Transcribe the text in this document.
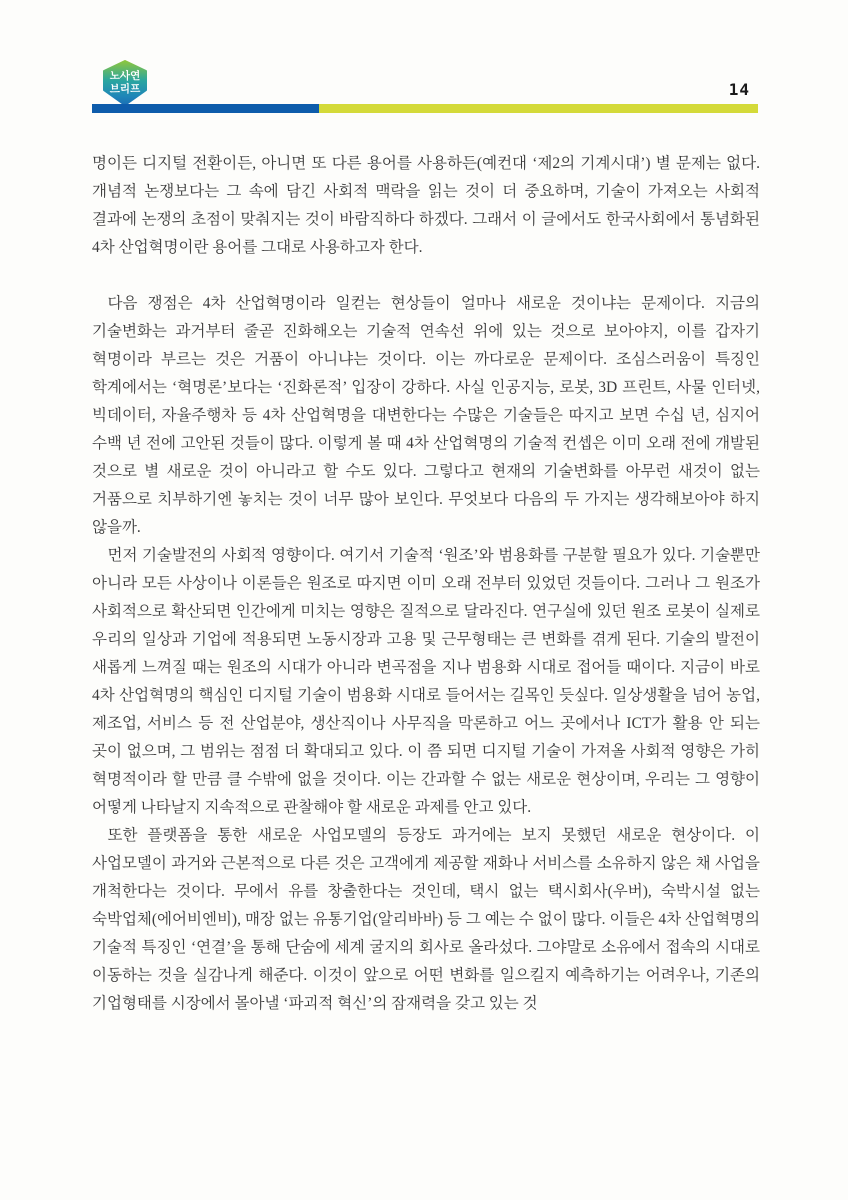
노사연
브리프	14

명이든 디지털 전환이든, 아니면 또 다른 용어를 사용하든(예컨대 ‘제2의 기계시대’) 별 문제는 없다. 개념적 논쟁보다는 그 속에 담긴 사회적 맥락을 읽는 것이 더 중요하며, 기술이 가져오는 사회적 결과에 논쟁의 초점이 맞춰지는 것이 바람직하다 하겠다. 그래서 이 글에서도 한국사회에서 통념화된 4차 산업혁명이란 용어를 그대로 사용하고자 한다.

다음 쟁점은 4차 산업혁명이라 일컫는 현상들이 얼마나 새로운 것이냐는 문제이다. 지금의 기술변화는 과거부터 줄곧 진화해오는 기술적 연속선 위에 있는 것으로 보아야지, 이를 갑자기 혁명이라 부르는 것은 거품이 아니냐는 것이다. 이는 까다로운 문제이다. 조심스러움이 특징인 학계에서는 ‘혁명론’보다는 ‘진화론적’ 입장이 강하다. 사실 인공지능, 로봇, 3D 프린트, 사물 인터넷, 빅데이터, 자율주행차 등 4차 산업혁명을 대변한다는 수많은 기술들은 따지고 보면 수십 년, 심지어 수백 년 전에 고안된 것들이 많다. 이렇게 볼 때 4차 산업혁명의 기술적 컨셉은 이미 오래 전에 개발된 것으로 별 새로운 것이 아니라고 할 수도 있다. 그렇다고 현재의 기술변화를 아무런 새것이 없는 거품으로 치부하기엔 놓치는 것이 너무 많아 보인다. 무엇보다 다음의 두 가지는 생각해보아야 하지 않을까.

먼저 기술발전의 사회적 영향이다. 여기서 기술적 ‘원조’와 범용화를 구분할 필요가 있다. 기술뿐만 아니라 모든 사상이나 이론들은 원조로 따지면 이미 오래 전부터 있었던 것들이다. 그러나 그 원조가 사회적으로 확산되면 인간에게 미치는 영향은 질적으로 달라진다. 연구실에 있던 원조 로봇이 실제로 우리의 일상과 기업에 적용되면 노동시장과 고용 및 근무형태는 큰 변화를 겪게 된다. 기술의 발전이 새롭게 느껴질 때는 원조의 시대가 아니라 변곡점을 지나 범용화 시대로 접어들 때이다. 지금이 바로 4차 산업혁명의 핵심인 디지털 기술이 범용화 시대로 들어서는 길목인 듯싶다. 일상생활을 넘어 농업, 제조업, 서비스 등 전 산업분야, 생산직이나 사무직을 막론하고 어느 곳에서나 ICT가 활용 안 되는 곳이 없으며, 그 범위는 점점 더 확대되고 있다. 이 쯤 되면 디지털 기술이 가져올 사회적 영향은 가히 혁명적이라 할 만큼 클 수밖에 없을 것이다. 이는 간과할 수 없는 새로운 현상이며, 우리는 그 영향이 어떻게 나타날지 지속적으로 관찰해야 할 새로운 과제를 안고 있다.

또한 플랫폼을 통한 새로운 사업모델의 등장도 과거에는 보지 못했던 새로운 현상이다. 이 사업모델이 과거와 근본적으로 다른 것은 고객에게 제공할 재화나 서비스를 소유하지 않은 채 사업을 개척한다는 것이다. 무에서 유를 창출한다는 것인데, 택시 없는 택시회사(우버), 숙박시설 없는 숙박업체(에어비엔비), 매장 없는 유통기업(알리바바) 등 그 예는 수 없이 많다. 이들은 4차 산업혁명의 기술적 특징인 ‘연결’을 통해 단숨에 세계 굴지의 회사로 올라섰다. 그야말로 소유에서 접속의 시대로 이동하는 것을 실감나게 해준다. 이것이 앞으로 어떤 변화를 일으킬지 예측하기는 어려우나, 기존의 기업형태를 시장에서 몰아낼 ‘파괴적 혁신’의 잠재력을 갖고 있는 것
